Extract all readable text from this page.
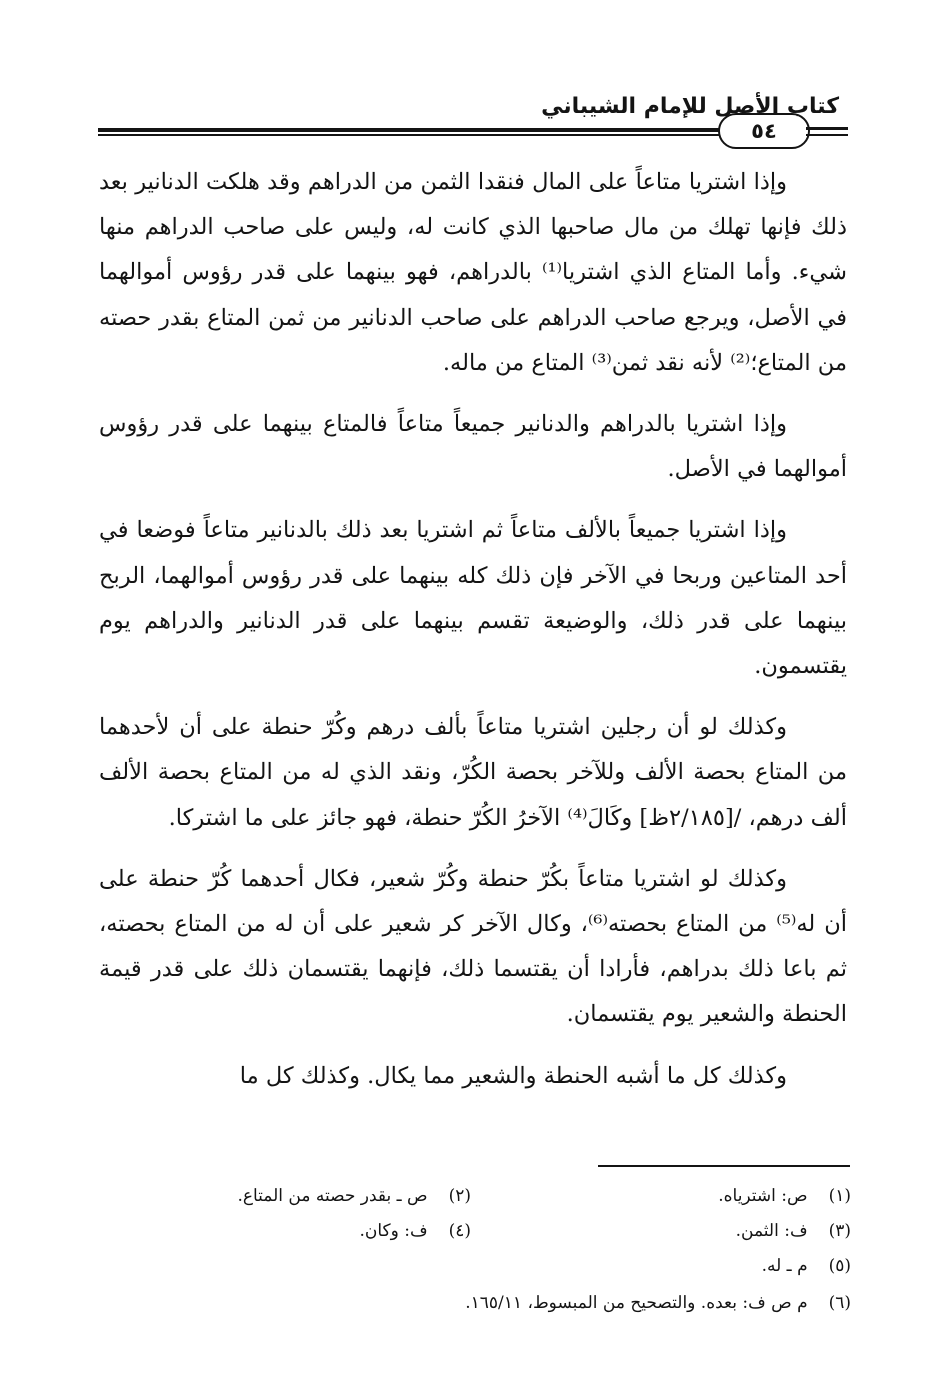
كتاب الأصل للإمام الشيباني
٥٤

وإذا اشتريا متاعاً على المال فنقدا الثمن من الدراهم وقد هلكت الدنانير بعد ذلك فإنها تهلك من مال صاحبها الذي كانت له، وليس على صاحب الدراهم منها شيء. وأما المتاع الذي اشتريا⁽¹⁾ بالدراهم، فهو بينهما على قدر رؤوس أموالهما في الأصل، ويرجع صاحب الدراهم على صاحب الدنانير من ثمن المتاع بقدر حصته من المتاع؛⁽²⁾ لأنه نقد ثمن⁽³⁾ المتاع من ماله.

وإذا اشتريا بالدراهم والدنانير جميعاً متاعاً فالمتاع بينهما على قدر رؤوس أموالهما في الأصل.

وإذا اشتريا جميعاً بالألف متاعاً ثم اشتريا بعد ذلك بالدنانير متاعاً فوضعا في أحد المتاعين وربحا في الآخر فإن ذلك كله بينهما على قدر رؤوس أموالهما، الربح بينهما على قدر ذلك، والوضيعة تقسم بينهما على قدر الدنانير والدراهم يوم يقتسمون.

وكذلك لو أن رجلين اشتريا متاعاً بألف درهم وكُرّ حنطة على أن لأحدهما من المتاع بحصة الألف وللآخر بحصة الكُرّ، ونقد الذي له من المتاع بحصة الألف ألف درهم، /[٢/١٨٥ظ] وكَالَ⁽⁴⁾ الآخرُ الكُرّ حنطة، فهو جائز على ما اشتركا.

وكذلك لو اشتريا متاعاً بكُرّ حنطة وكُرّ شعير، فكال أحدهما كُرّ حنطة على أن له⁽⁵⁾ من المتاع بحصته⁽⁶⁾، وكال الآخر كر شعير على أن له من المتاع بحصته، ثم باعا ذلك بدراهم، فأرادا أن يقتسما ذلك، فإنهما يقتسمان ذلك على قدر قيمة الحنطة والشعير يوم يقتسمان.

وكذلك كل ما أشبه الحنطة والشعير مما يكال. وكذلك كل ما

(١) ص: اشترياه.
(٢) ص ـ بقدر حصته من المتاع.
(٣) ف: الثمن.
(٤) ف: وكان.
(٥) م ـ له.
(٦) م ص ف: بعده. والتصحيح من المبسوط، ١٦٥/١١.
